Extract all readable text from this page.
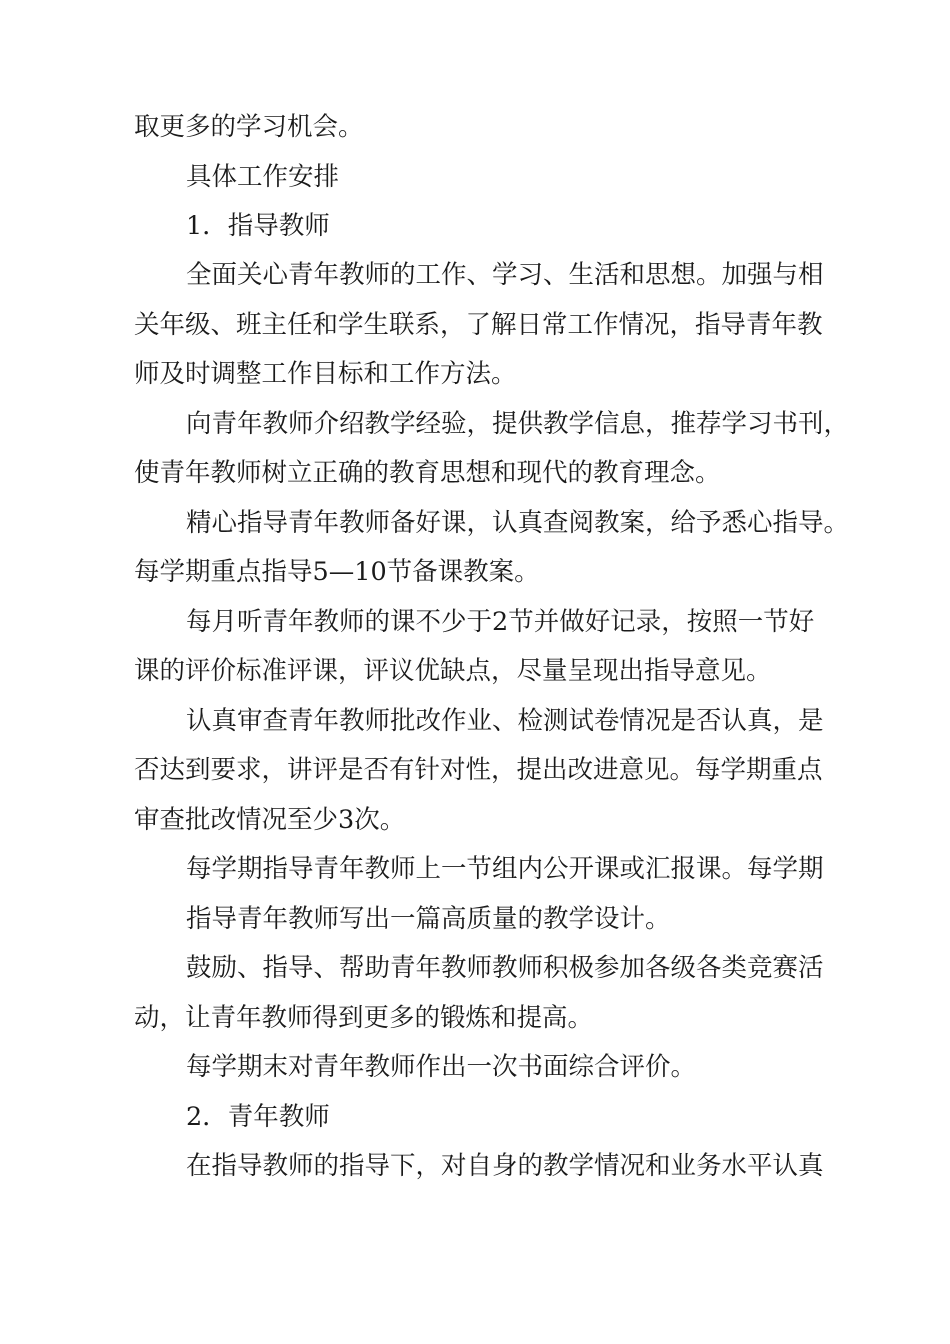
取更多的学习机会。
具体工作安排
1．指导教师
全面关心青年教师的工作、学习、生活和思想。加强与相
关年级、班主任和学生联系，了解日常工作情况，指导青年教
师及时调整工作目标和工作方法。
向青年教师介绍教学经验，提供教学信息，推荐学习书刊，
使青年教师树立正确的教育思想和现代的教育理念。
精心指导青年教师备好课，认真查阅教案，给予悉心指导。
每学期重点指导5—10节备课教案。
每月听青年教师的课不少于2节并做好记录，按照一节好
课的评价标准评课，评议优缺点，尽量呈现出指导意见。
认真审查青年教师批改作业、检测试卷情况是否认真，是
否达到要求，讲评是否有针对性，提出改进意见。每学期重点
审查批改情况至少3次。
每学期指导青年教师上一节组内公开课或汇报课。每学期
指导青年教师写出一篇高质量的教学设计。
鼓励、指导、帮助青年教师教师积极参加各级各类竞赛活
动，让青年教师得到更多的锻炼和提高。
每学期末对青年教师作出一次书面综合评价。
2．青年教师
在指导教师的指导下，对自身的教学情况和业务水平认真
